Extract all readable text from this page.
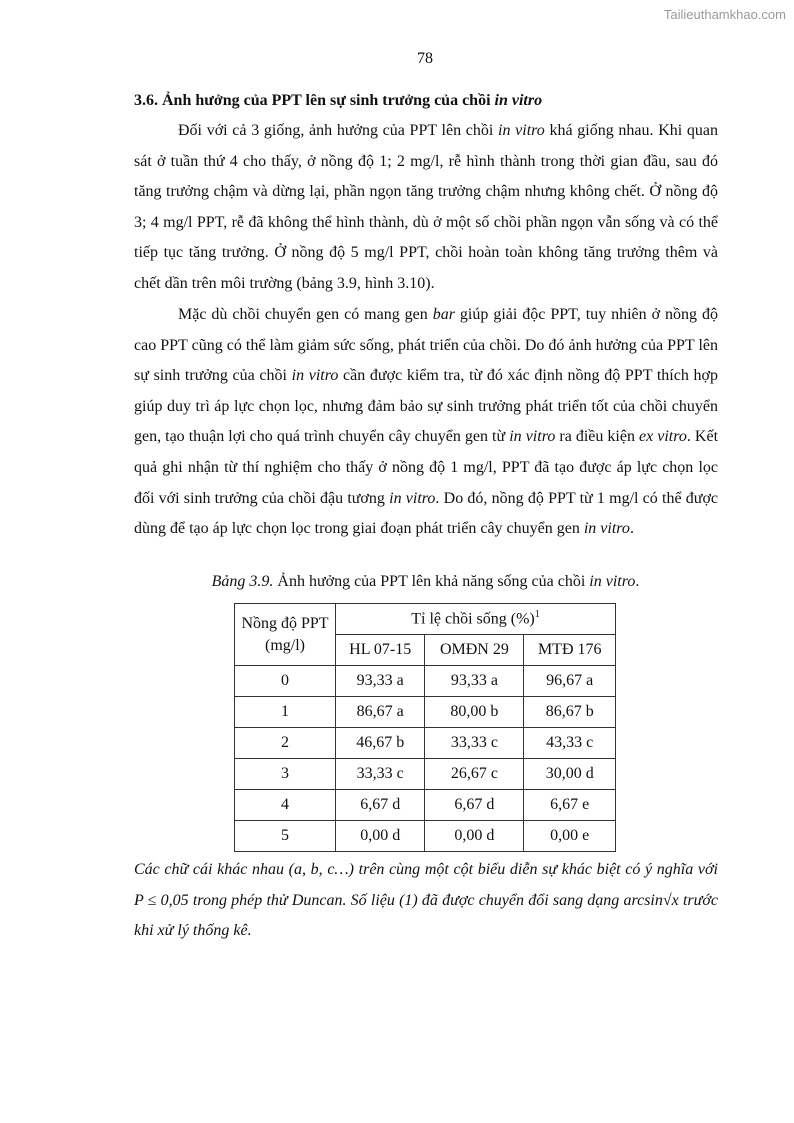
Tailieuthamkhao.com
78
3.6. Ảnh hưởng của PPT lên sự sinh trưởng của chồi in vitro

Đối với cả 3 giống, ảnh hưởng của PPT lên chồi in vitro khá giống nhau. Khi quan sát ở tuần thứ 4 cho thấy, ở nồng độ 1; 2 mg/l, rễ hình thành trong thời gian đầu, sau đó tăng trưởng chậm và dừng lại, phần ngọn tăng trưởng chậm nhưng không chết. Ở nồng độ 3; 4 mg/l PPT, rễ đã không thể hình thành, dù ở một số chồi phần ngọn vẫn sống và có thể tiếp tục tăng trưởng. Ở nồng độ 5 mg/l PPT, chồi hoàn toàn không tăng trưởng thêm và chết dần trên môi trường (bảng 3.9, hình 3.10).

Mặc dù chồi chuyển gen có mang gen bar giúp giải độc PPT, tuy nhiên ở nồng độ cao PPT cũng có thể làm giảm sức sống, phát triển của chồi. Do đó ảnh hưởng của PPT lên sự sinh trưởng của chồi in vitro cần được kiểm tra, từ đó xác định nồng độ PPT thích hợp giúp duy trì áp lực chọn lọc, nhưng đảm bảo sự sinh trưởng phát triển tốt của chồi chuyển gen, tạo thuận lợi cho quá trình chuyển cây chuyển gen từ in vitro ra điều kiện ex vitro. Kết quả ghi nhận từ thí nghiệm cho thấy ở nồng độ 1 mg/l, PPT đã tạo được áp lực chọn lọc đối với sinh trưởng của chồi đậu tương in vitro. Do đó, nồng độ PPT từ 1 mg/l có thể được dùng để tạo áp lực chọn lọc trong giai đoạn phát triển cây chuyển gen in vitro.

Bảng 3.9. Ảnh hưởng của PPT lên khả năng sống của chồi in vitro.
Nồng độ PPT (mg/l)	Tỉ lệ chồi sống (%)$^1$
	HL 07-15	OMĐN 29	MTĐ 176
0	93,33 a	93,33 a	96,67 a
1	86,67 a	80,00 b	86,67 b
2	46,67 b	33,33 c	43,33 c
3	33,33 c	26,67 c	30,00 d
4	6,67 d	6,67 d	6,67 e
5	0,00 d	0,00 d	0,00 e

Các chữ cái khác nhau (a, b, c…) trên cùng một cột biểu diễn sự khác biệt có ý nghĩa với P ≤ 0,05 trong phép thử Duncan. Số liệu (1) đã được chuyển đổi sang dạng arcsin√x trước khi xử lý thống kê.
